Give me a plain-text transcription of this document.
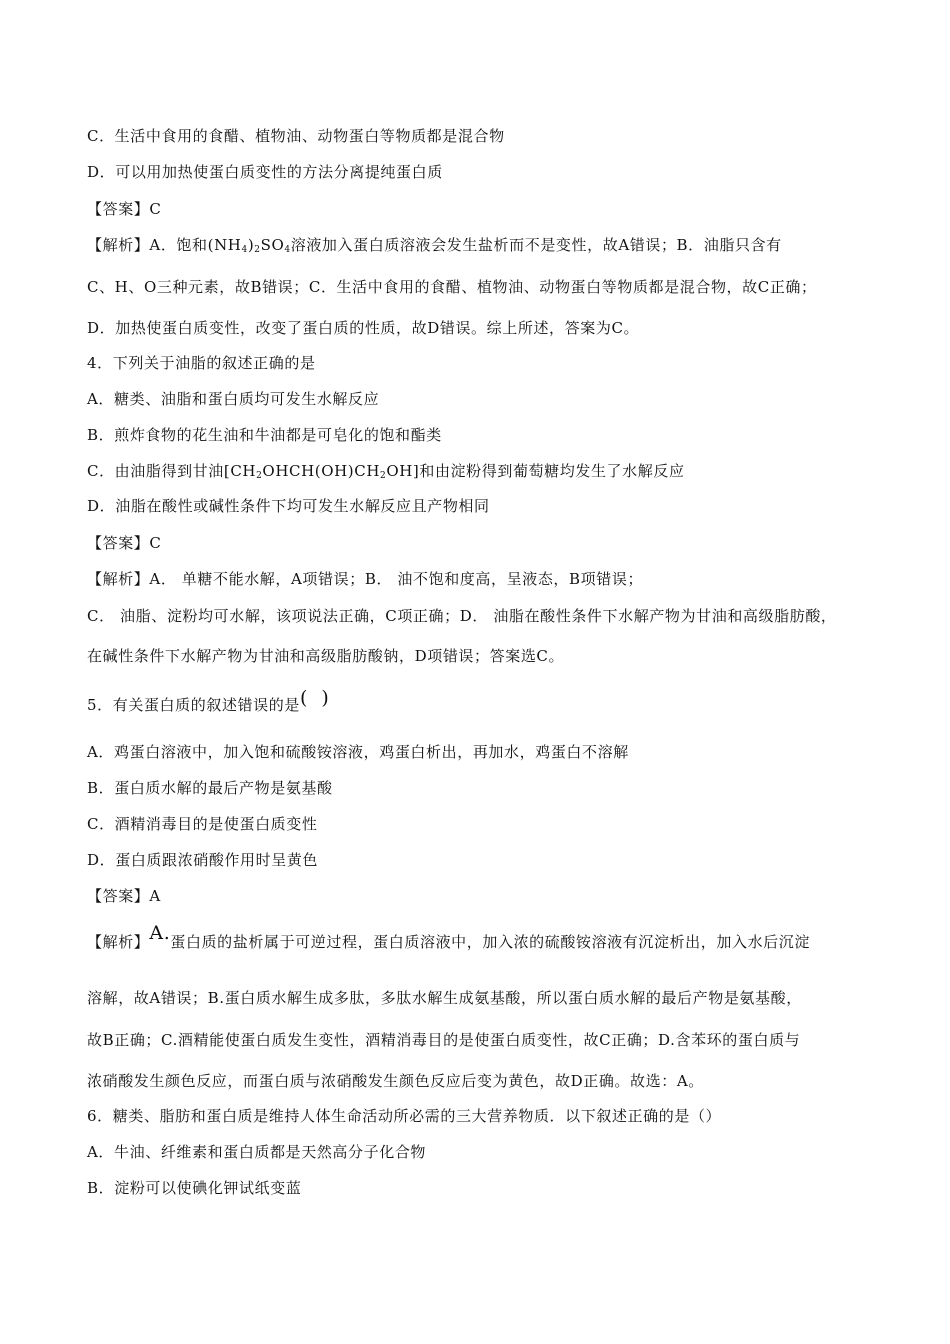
C．生活中食用的食醋、植物油、动物蛋白等物质都是混合物
D．可以用加热使蛋白质变性的方法分离提纯蛋白质
【答案】C
【解析】A．饱和$(NH_4)_2SO_4$溶液加入蛋白质溶液会发生盐析而不是变性，故A错误；B．油脂只含有
C、H、O三种元素，故B错误；C．生活中食用的食醋、植物油、动物蛋白等物质都是混合物，故C正确；
D．加热使蛋白质变性，改变了蛋白质的性质，故D错误。综上所述，答案为C。
4．下列关于油脂的叙述正确的是
A．糖类、油脂和蛋白质均可发生水解反应
B．煎炸食物的花生油和牛油都是可皂化的饱和酯类
C．由油脂得到甘油$[CH_2OHCH(OH)CH_2OH]$和由淀粉得到葡萄糖均发生了水解反应
D．油脂在酸性或碱性条件下均可发生水解反应且产物相同
【答案】C
【解析】A． 单糖不能水解，A项错误；B． 油不饱和度高，呈液态，B项错误；
C． 油脂、淀粉均可水解，该项说法正确，C项正确；D． 油脂在酸性条件下水解产物为甘油和高级脂肪酸，
在碱性条件下水解产物为甘油和高级脂肪酸钠，D项错误；答案选C。
5．有关蛋白质的叙述错误的是( )
A．鸡蛋白溶液中，加入饱和硫酸铵溶液，鸡蛋白析出，再加水，鸡蛋白不溶解
B．蛋白质水解的最后产物是氨基酸
C．酒精消毒目的是使蛋白质变性
D．蛋白质跟浓硝酸作用时呈黄色
【答案】A
【解析】A.蛋白质的盐析属于可逆过程，蛋白质溶液中，加入浓的硫酸铵溶液有沉淀析出，加入水后沉淀
溶解，故A错误；B.蛋白质水解生成多肽，多肽水解生成氨基酸，所以蛋白质水解的最后产物是氨基酸，
故B正确；C.酒精能使蛋白质发生变性，酒精消毒目的是使蛋白质变性，故C正确；D.含苯环的蛋白质与
浓硝酸发生颜色反应，而蛋白质与浓硝酸发生颜色反应后变为黄色，故D正确。故选：A。
6．糖类、脂肪和蛋白质是维持人体生命活动所必需的三大营养物质．以下叙述正确的是（）
A．牛油、纤维素和蛋白质都是天然高分子化合物
B．淀粉可以使碘化钾试纸变蓝
